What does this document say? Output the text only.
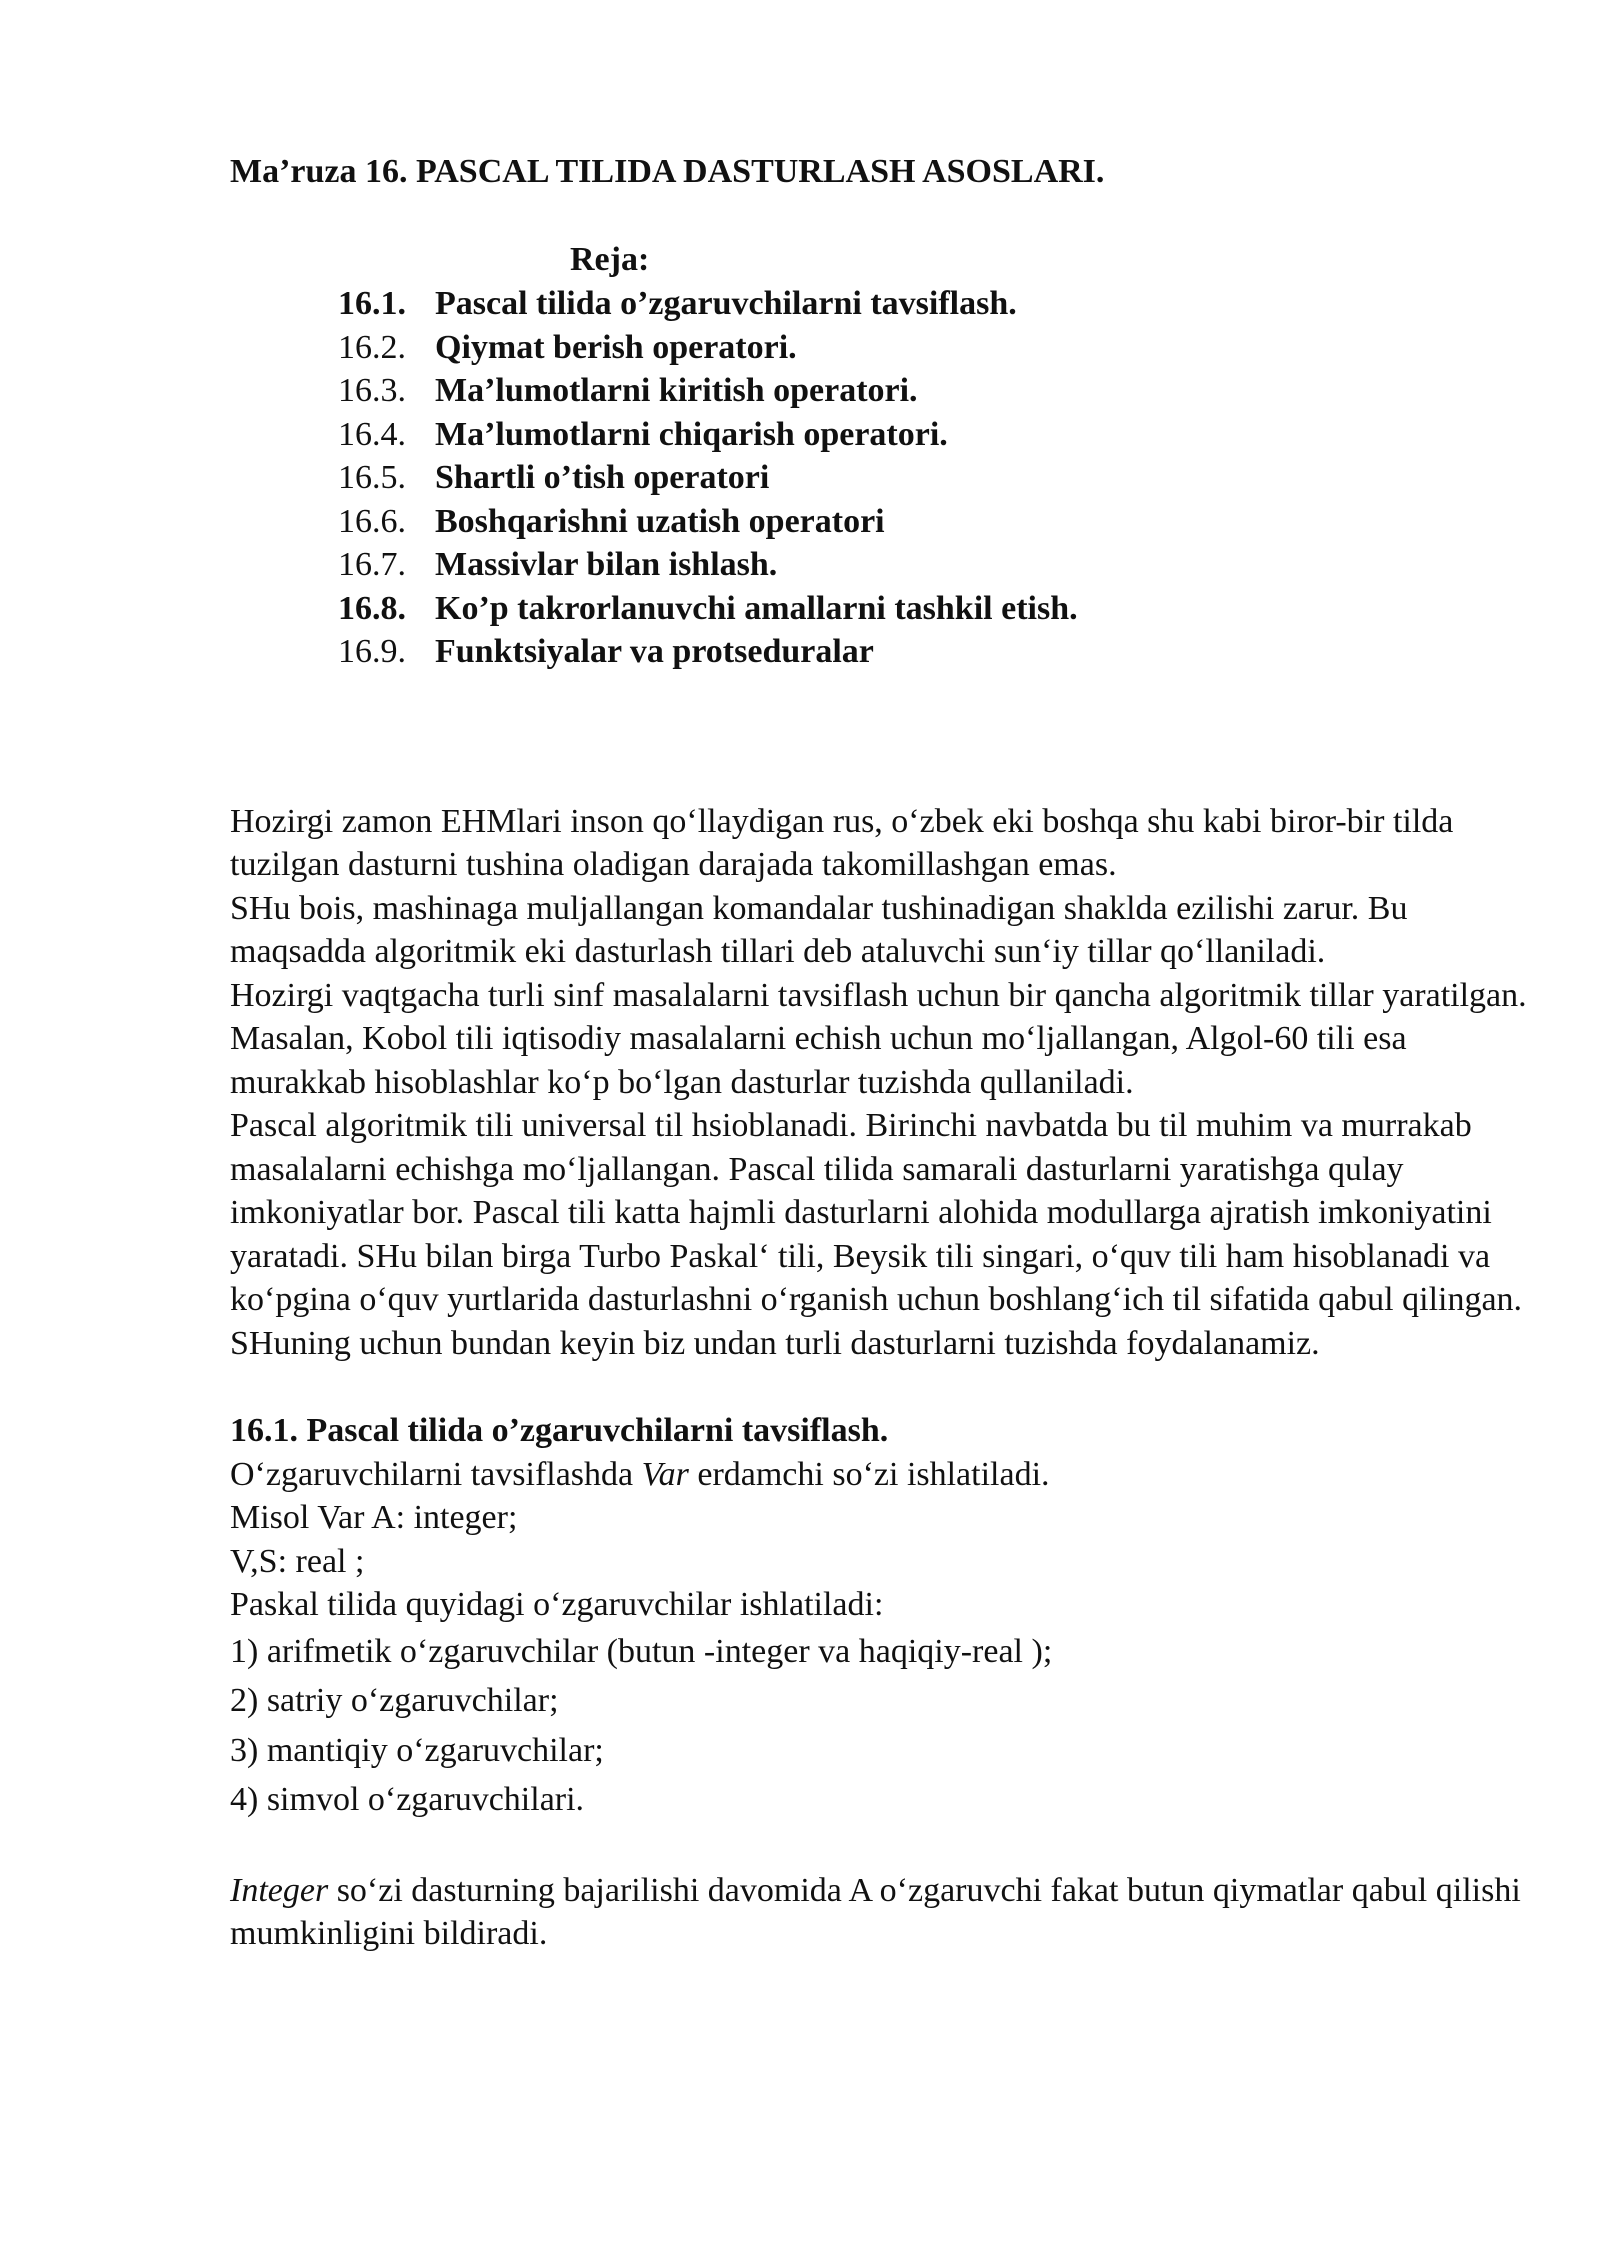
Ma’ruza 16. PASCAL TILIDA DASTURLASH ASOSLARI.
Reja:
16.1. Pascal tilida o’zgaruvchilarni tavsiflash.
16.2. Qiymat berish operatori.
16.3. Ma’lumotlarni kiritish operatori.
16.4. Ma’lumotlarni chiqarish operatori.
16.5. Shartli o’tish operatori
16.6. Boshqarishni uzatish operatori
16.7. Massivlar bilan ishlash.
16.8. Ko’p takrorlanuvchi amallarni tashkil etish.
16.9. Funktsiyalar va protseduralar

Hozirgi zamon EHMlari inson qo‘llaydigan rus, o‘zbek eki boshqa shu kabi biror-bir tilda tuzilgan dasturni tushina oladigan darajada takomillashgan emas.

SHu bois, mashinaga muljallangan komandalar tushinadigan shaklda ezilishi zarur. Bu maqsadda algoritmik eki dasturlash tillari deb ataluvchi sun‘iy tillar qo‘llaniladi.

Hozirgi vaqtgacha turli sinf masalalarni tavsiflash uchun bir qancha algoritmik tillar yaratilgan. Masalan, Kobol tili iqtisodiy masalalarni echish uchun mo‘ljallangan, Algol-60 tili esa murakkab hisoblashlar ko‘p bo‘lgan dasturlar tuzishda qullaniladi.

Pascal algoritmik tili universal til hsioblanadi. Birinchi navbatda bu til muhim va murrakab masalalarni echishga mo‘ljallangan. Pascal tilida samarali dasturlarni yaratishga qulay imkoniyatlar bor. Pascal tili katta hajmli dasturlarni alohida modullarga ajratish imkoniyatini yaratadi. SHu bilan birga Turbo Paskal‘ tili, Beysik tili singari, o‘quv tili ham hisoblanadi va ko‘pgina o‘quv yurtlarida dasturlashni o‘rganish uchun boshlang‘ich til sifatida qabul qilingan. SHuning uchun bundan keyin biz undan turli dasturlarni tuzishda foydalanamiz.

16.1. Pascal tilida o’zgaruvchilarni tavsiflash.

O‘zgaruvchilarni tavsiflashda Var erdamchi so‘zi ishlatiladi.

Misol Var A: integer;

V,S: real ;

Paskal tilida quyidagi o‘zgaruvchilar ishlatiladi:

1) arifmetik o‘zgaruvchilar (butun -integer va haqiqiy-real );

2) satriy o‘zgaruvchilar;

3) mantiqiy o‘zgaruvchilar;

4) simvol o‘zgaruvchilari.

Integer so‘zi dasturning bajarilishi davomida A o‘zgaruvchi fakat butun qiymatlar qabul qilishi mumkinligini bildiradi.
